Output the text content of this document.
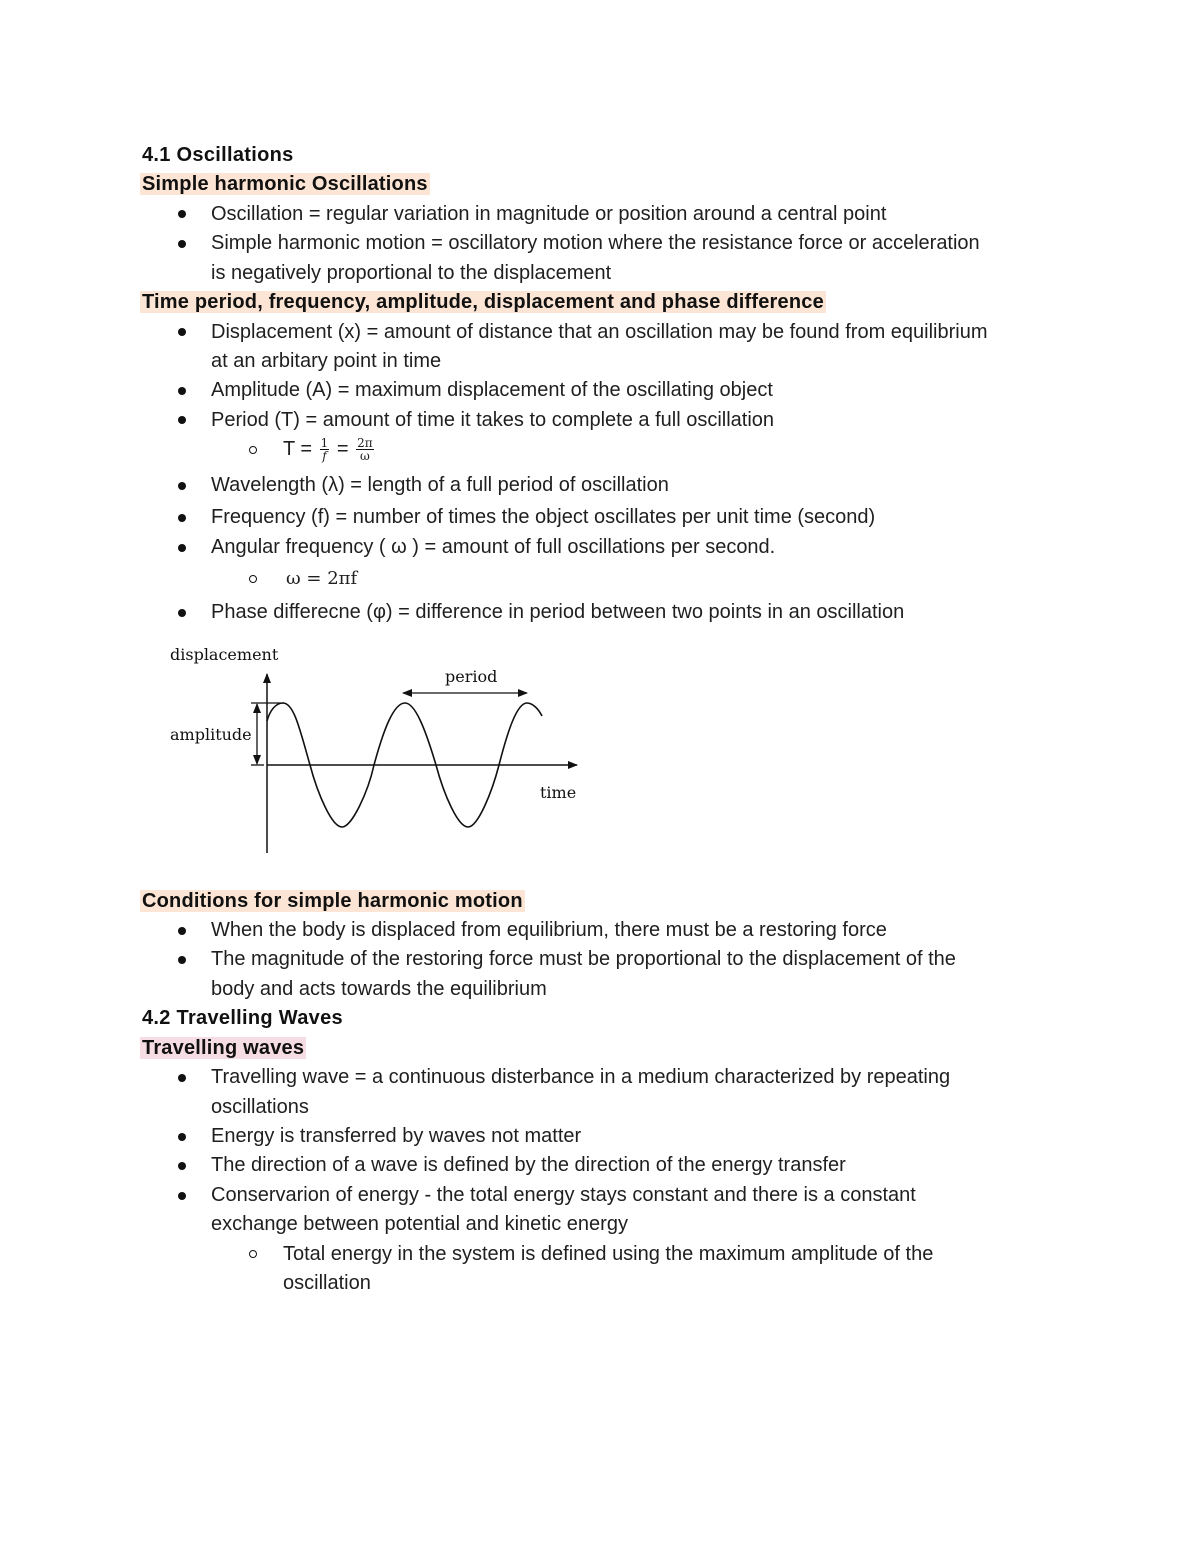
4.1 Oscillations
Simple harmonic Oscillations
Oscillation = regular variation in magnitude or position around a central point
Simple harmonic motion = oscillatory motion where the resistance force or acceleration
is negatively proportional to the displacement
Time period, frequency, amplitude, displacement and phase difference
Displacement (x) = amount of distance that an oscillation may be found from equilibrium
at an arbitary point in time
Amplitude (A) = maximum displacement of the oscillating object
Period (T) = amount of time it takes to complete a full oscillation
$T = \frac{1}{f} = \frac{2\pi}{\omega}$
Wavelength (λ) = length of a full period of oscillation
Frequency (f) = number of times the object oscillates per unit time (second)
Angular frequency ( ω ) = amount of full oscillations per second.
ω = 2πf
Phase differecne (φ) = difference in period between two points in an oscillation
displacement
amplitude
period
time
Conditions for simple harmonic motion
When the body is displaced from equilibrium, there must be a restoring force
The magnitude of the restoring force must be proportional to the displacement of the
body and acts towards the equilibrium
4.2 Travelling Waves
Travelling waves
Travelling wave = a continuous disterbance in a medium characterized by repeating
oscillations
Energy is transferred by waves not matter
The direction of a wave is defined by the direction of the energy transfer
Conservarion of energy - the total energy stays constant and there is a constant
exchange between potential and kinetic energy
Total energy in the system is defined using the maximum amplitude of the
oscillation
